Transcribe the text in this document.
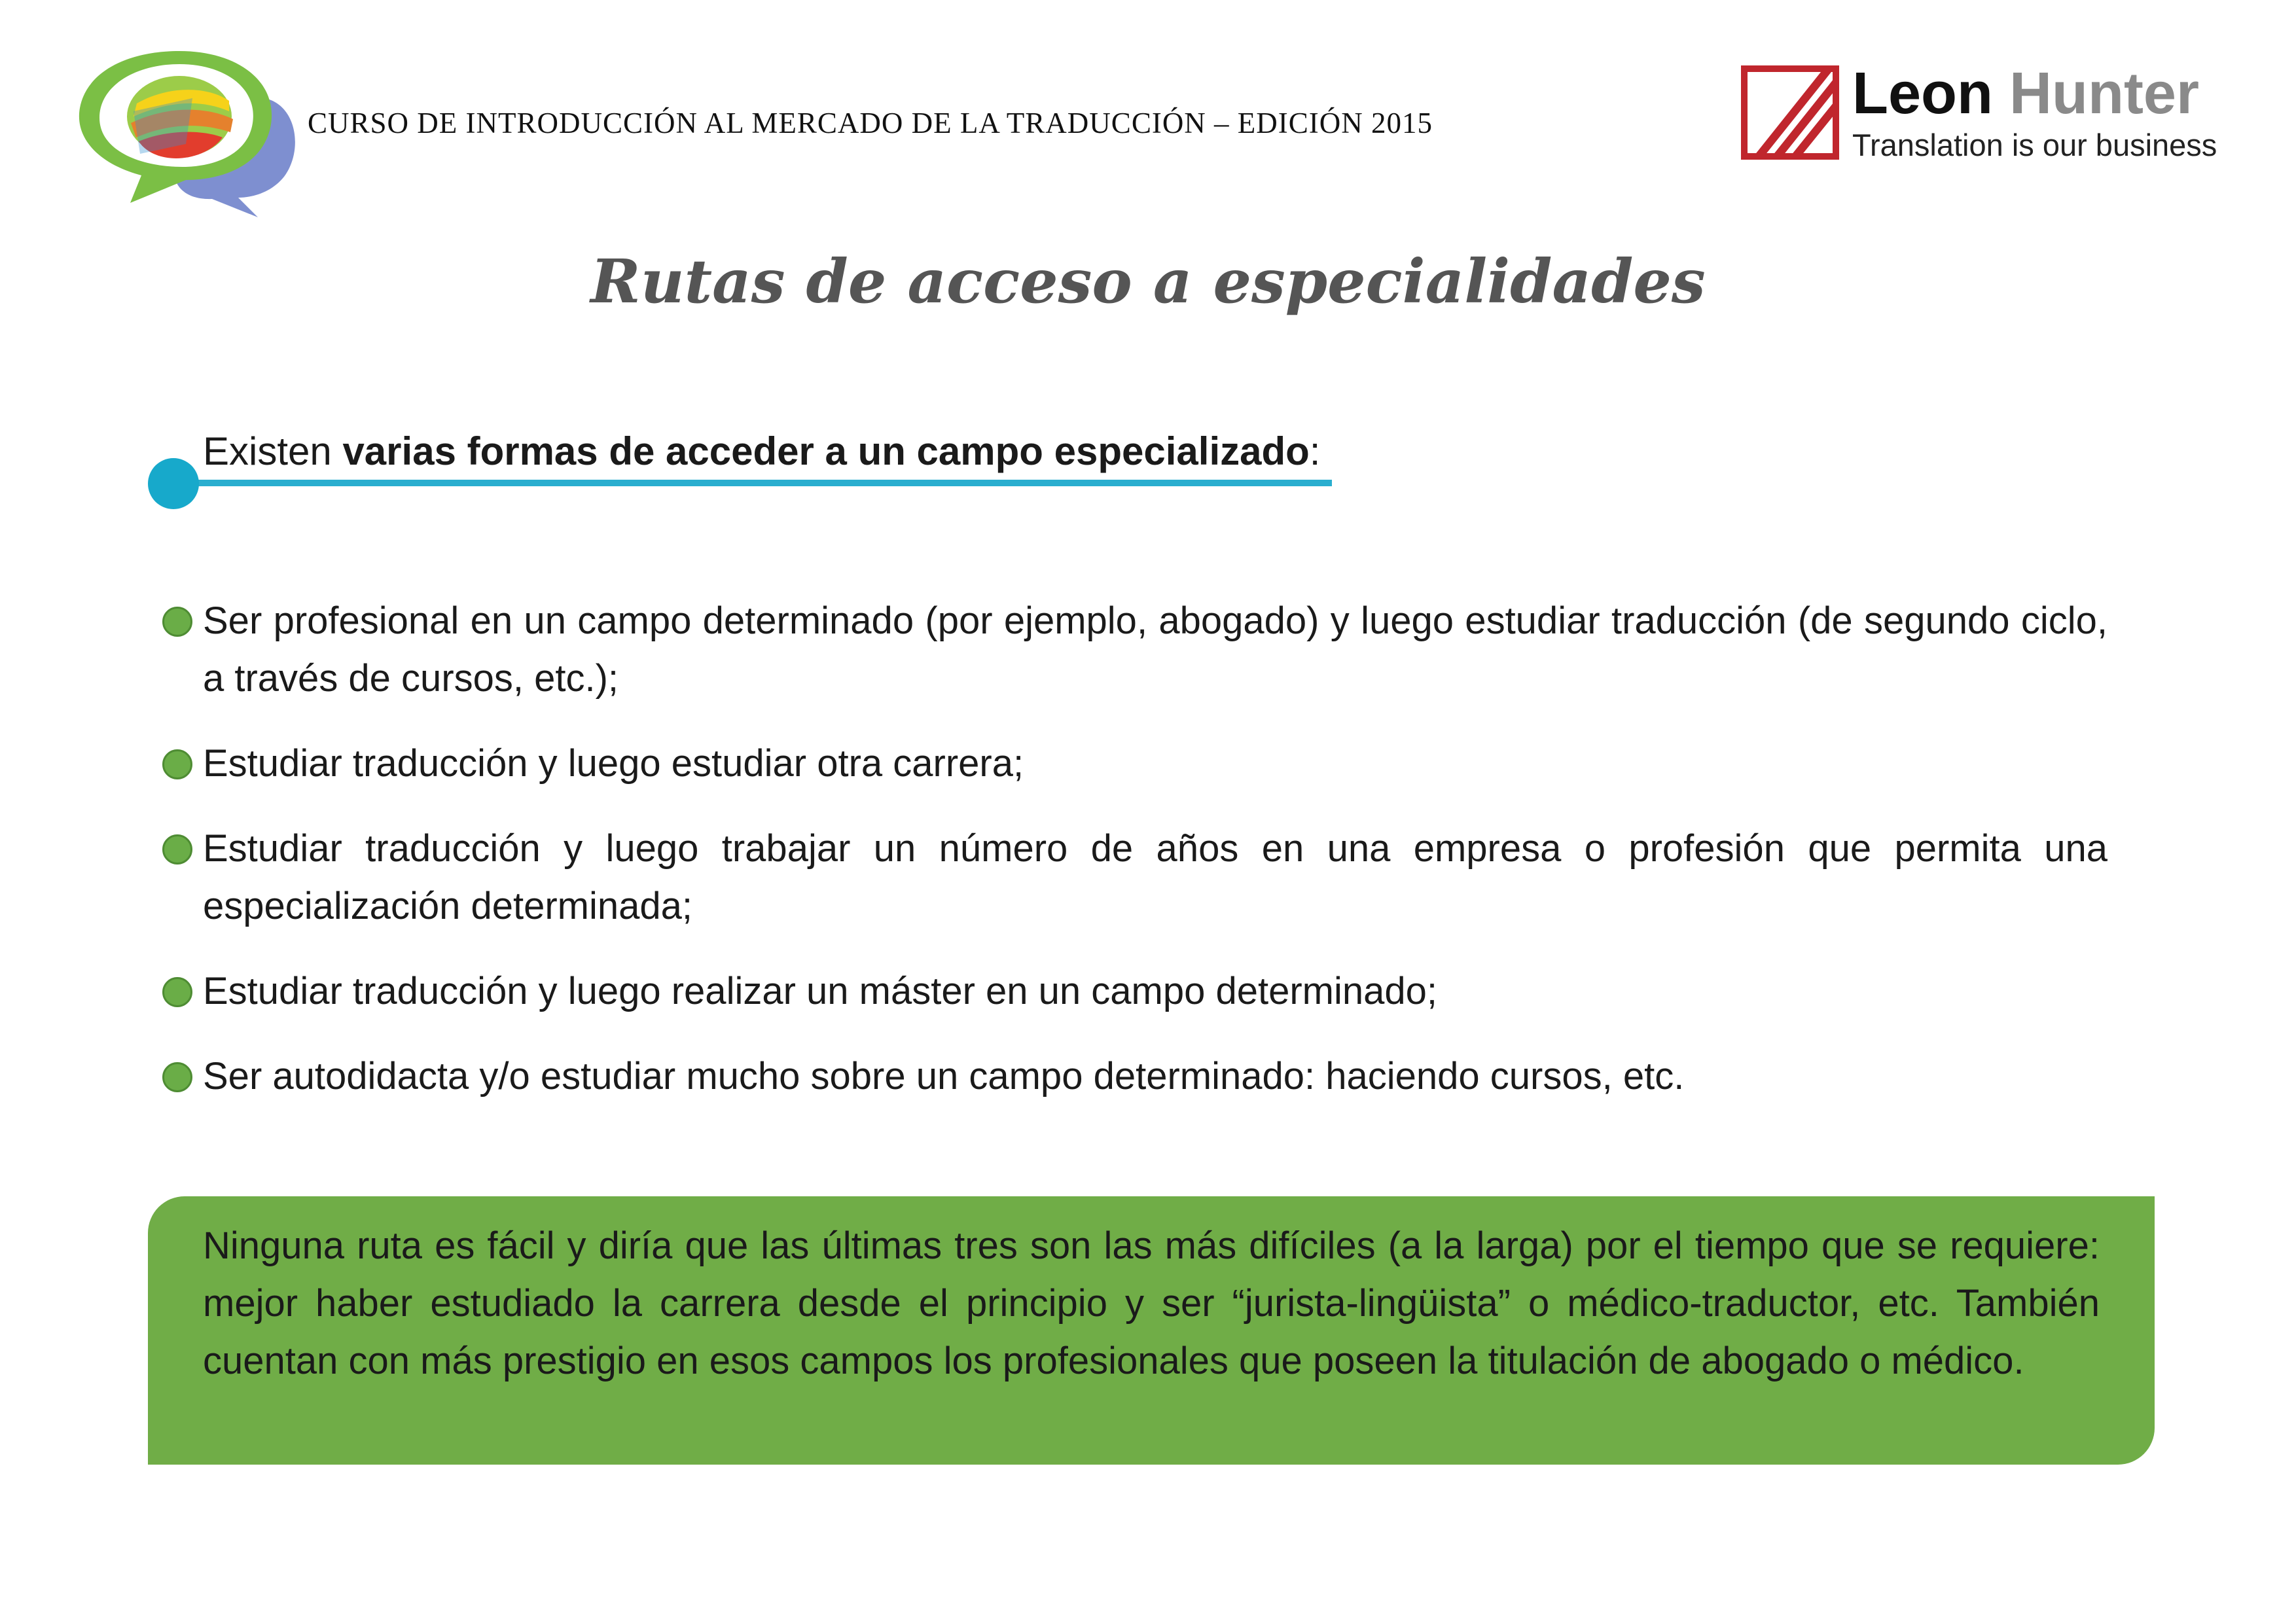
CURSO DE INTRODUCCIÓN AL MERCADO DE LA TRADUCCIÓN – EDICIÓN 2015	Leon Hunter
Translation is our business
Rutas de acceso a especialidades
Existen varias formas de acceder a un campo especializado:
Ser profesional en un campo determinado (por ejemplo, abogado) y luego estudiar traducción (de segundo ciclo, a través de cursos, etc.);
Estudiar traducción y luego estudiar otra carrera;
Estudiar traducción y luego trabajar un número de años en una empresa o profesión que permita una especialización determinada;
Estudiar traducción y luego realizar un máster en un campo determinado;
Ser autodidacta y/o estudiar mucho sobre un campo determinado: haciendo cursos, etc.
Ninguna ruta es fácil y diría que las últimas tres son las más difíciles (a la larga) por el tiempo que se requiere: mejor haber estudiado la carrera desde el principio y ser “jurista-lingüista” o médico-traductor, etc. También cuentan con más prestigio en esos campos los profesionales que poseen la titulación de abogado o médico.
